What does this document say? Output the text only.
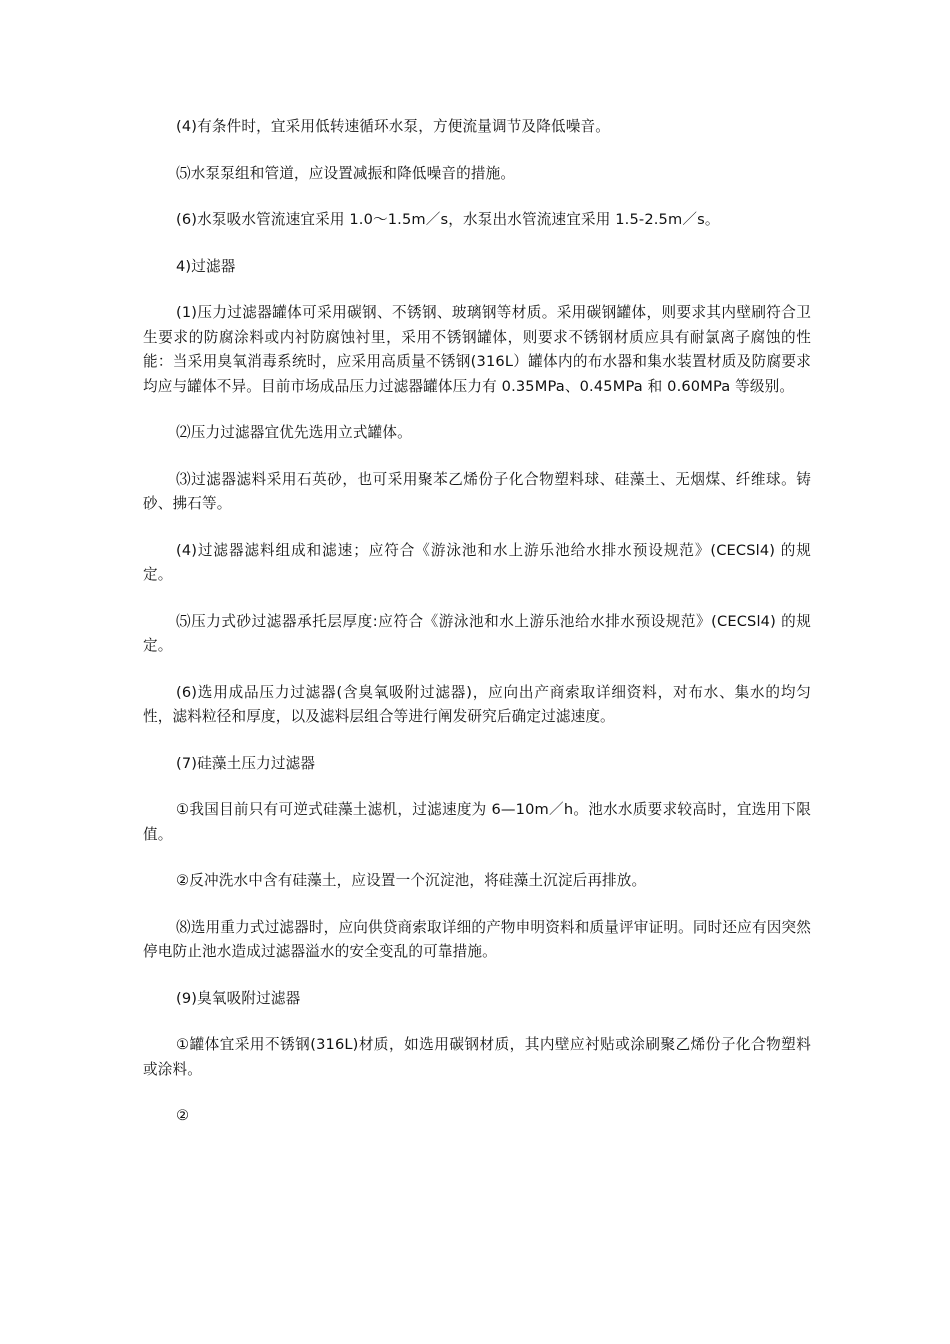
(4)有条件时，宜采用低转速循环水泵，方便流量调节及降低噪音。

⑸水泵泵组和管道，应设置减振和降低噪音的措施。

(6)水泵吸水管流速宜采用 1.0～1.5m／s，水泵出水管流速宜采用 1.5-2.5m／s。

4)过滤器

(1)压力过滤器罐体可采用碳钢、不锈钢、玻璃钢等材质。采用碳钢罐体，则要求其内壁刷符合卫生要求的防腐涂料或内衬防腐蚀衬里，采用不锈钢罐体，则要求不锈钢材质应具有耐氯离子腐蚀的性能：当采用臭氧消毒系统时，应采用高质量不锈钢(316L）罐体内的布水器和集水装置材质及防腐要求均应与罐体不异。目前市场成品压力过滤器罐体压力有 0.35MPa、0.45MPa 和 0.60MPa 等级别。

⑵压力过滤器宜优先选用立式罐体。

⑶过滤器滤料采用石英砂，也可采用聚苯乙烯份子化合物塑料球、硅藻土、无烟煤、纤维球。铸砂、拂石等。

(4)过滤器滤料组成和滤速；应符合《游泳池和水上游乐池给水排水预设规范》(CECSl4) 的规定。

⑸压力式砂过滤器承托层厚度:应符合《游泳池和水上游乐池给水排水预设规范》(CECSl4) 的规定。

(6)选用成品压力过滤器(含臭氧吸附过滤器)，应向出产商索取详细资料，对布水、集水的均匀性，滤料粒径和厚度，以及滤料层组合等进行阐发研究后确定过滤速度。

(7)硅藻土压力过滤器

①我国目前只有可逆式硅藻土滤机，过滤速度为 6—10m／h。池水水质要求较高时，宜选用下限值。

②反冲洗水中含有硅藻土，应设置一个沉淀池，将硅藻土沉淀后再排放。

⑻选用重力式过滤器时，应向供贷商索取详细的产物申明资料和质量评审证明。同时还应有因突然停电防止池水造成过滤器溢水的安全变乱的可靠措施。

(9)臭氧吸附过滤器

①罐体宜采用不锈钢(316L)材质，如选用碳钢材质，其内壁应衬贴或涂刷聚乙烯份子化合物塑料或涂料。

②
